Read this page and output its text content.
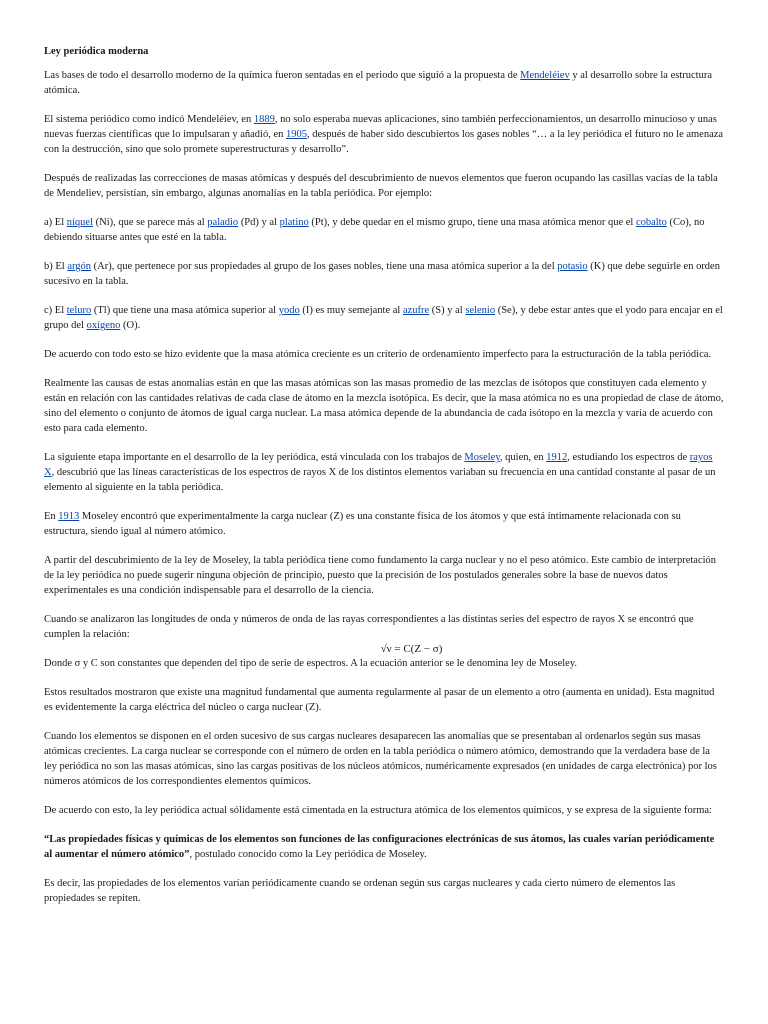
Ley periódica moderna

Las bases de todo el desarrollo moderno de la química fueron sentadas en el periodo que siguió a la propuesta de Mendeléiev y al desarrollo sobre la estructura atómica.

El sistema periódico como indicó Mendeléiev, en 1889, no solo esperaba nuevas aplicaciones, sino también perfeccionamientos, un desarrollo minucioso y unas nuevas fuerzas científicas que lo impulsaran y añadió, en 1905, después de haber sido descubiertos los gases nobles “… a la ley periódica el futuro no le amenaza con la destrucción, sino que solo promete superestructuras y desarrollo”.

Después de realizadas las correcciones de masas atómicas y después del descubrimiento de nuevos elementos que fueron ocupando las casillas vacías de la tabla de Mendeliev, persistían, sin embargo, algunas anomalías en la tabla periódica. Por ejemplo:

a) El níquel (Ni), que se parece más al paladio (Pd) y al platino (Pt), y debe quedar en el mismo grupo, tiene una masa atómica menor que el cobalto (Co), no debiendo situarse antes que esté en la tabla.

b) El argón (Ar), que pertenece por sus propiedades al grupo de los gases nobles, tiene una masa atómica superior a la del potasio (K) que debe seguirle en orden sucesivo en la tabla.

c) El teluro (Tl) que tiene una masa atómica superior al yodo (I) es muy semejante al azufre (S) y al selenio (Se), y debe estar antes que el yodo para encajar en el grupo del oxígeno (O).

De acuerdo con todo esto se hizo evidente que la masa atómica creciente es un criterio de ordenamiento imperfecto para la estructuración de la tabla periódica.

Realmente las causas de estas anomalías están en que las masas atómicas son las masas promedio de las mezclas de isótopos que constituyen cada elemento y están en relación con las cantidades relativas de cada clase de átomo en la mezcla isotópica. Es decir, que la masa atómica no es una propiedad de clase de átomo, sino del elemento o conjunto de átomos de igual carga nuclear. La masa atómica depende de la abundancia de cada isótopo en la mezcla y varía de acuerdo con esto para cada elemento.

La siguiente etapa importante en el desarrollo de la ley periódica, está vinculada con los trabajos de Moseley, quien, en 1912, estudiando los espectros de rayos X, descubrió que las líneas características de los espectros de rayos X de los distintos elementos variaban su frecuencia en una cantidad constante al pasar de un elemento al siguiente en la tabla periódica.

En 1913 Moseley encontró que experimentalmente la carga nuclear (Z) es una constante física de los átomos y que está íntimamente relacionada con su estructura, siendo igual al número atómico.

A partir del descubrimiento de la ley de Moseley, la tabla periódica tiene como fundamento la carga nuclear y no el peso atómico. Este cambio de interpretación de la ley periódica no puede sugerir ninguna objeción de principio, puesto que la precisión de los postulados generales sobre la base de nuevos datos experimentales es una condición indispensable para el desarrollo de la ciencia.

Cuando se analizaron las longitudes de onda y números de onda de las rayas correspondientes a las distintas series del espectro de rayos X se encontró que cumplen la relación:

√ν = C(Z − σ)

Donde σ y C son constantes que dependen del tipo de serie de espectros. A la ecuación anterior se le denomina ley de Moseley.

Estos resultados mostraron que existe una magnitud fundamental que aumenta regularmente al pasar de un elemento a otro (aumenta en unidad). Esta magnitud es evidentemente la carga eléctrica del núcleo o carga nuclear (Z).

Cuando los elementos se disponen en el orden sucesivo de sus cargas nucleares desaparecen las anomalías que se presentaban al ordenarlos según sus masas atómicas crecientes. La carga nuclear se corresponde con el número de orden en la tabla periódica o número atómico, demostrando que la verdadera base de la ley periódica no son las masas atómicas, sino las cargas positivas de los núcleos atómicos, numéricamente expresados (en unidades de carga electrónica) por los números atómicos de los correspondientes elementos químicos.

De acuerdo con esto, la ley periódica actual sólidamente está cimentada en la estructura atómica de los elementos químicos, y se expresa de la siguiente forma:

“Las propiedades físicas y químicas de los elementos son funciones de las configuraciones electrónicas de sus átomos, las cuales varían periódicamente al aumentar el número atómico”, postulado conocido como la Ley periódica de Moseley.

Es decir, las propiedades de los elementos varían periódicamente cuando se ordenan según sus cargas nucleares y cada cierto número de elementos las propiedades se repiten.
